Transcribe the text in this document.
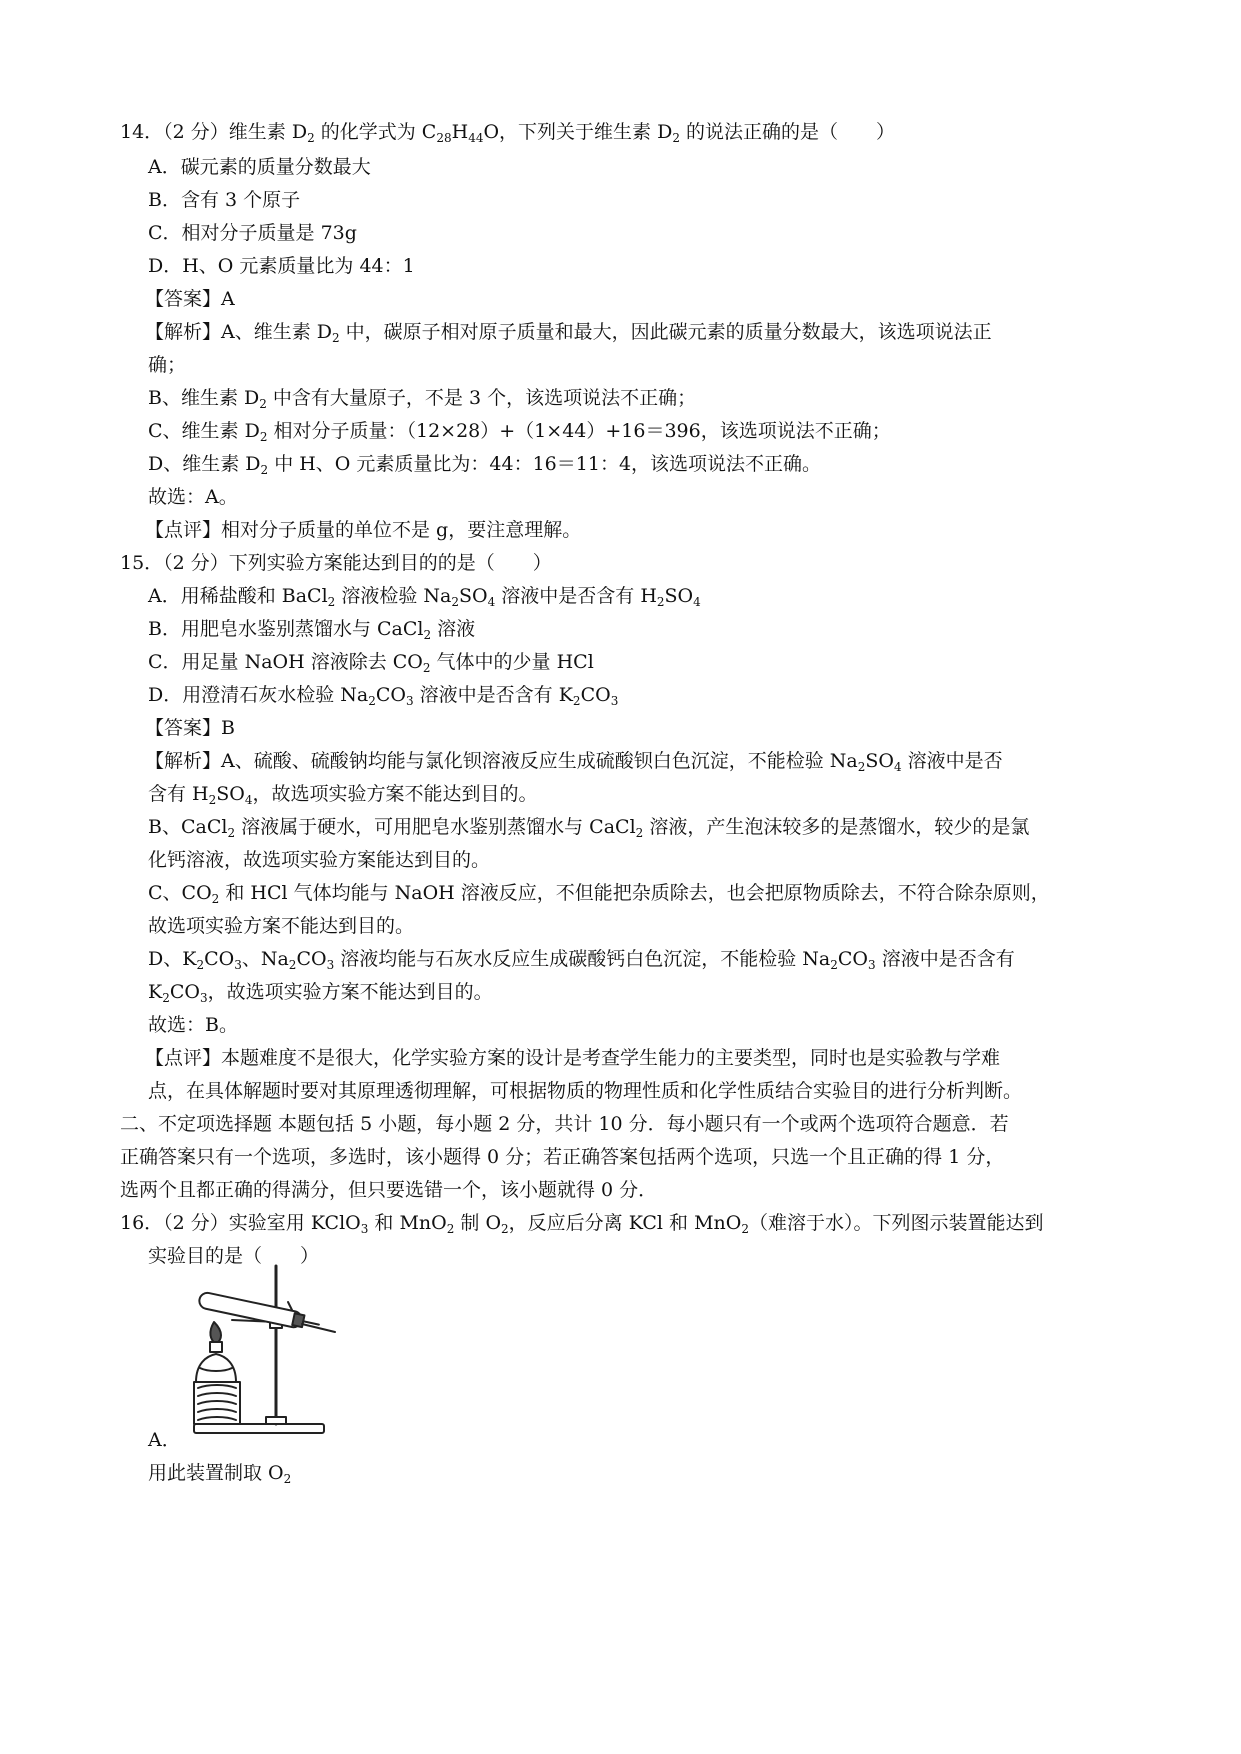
14．（2 分）维生素 $D_2$ 的化学式为 $C_{28}H_{44}O$，下列关于维生素 $D_2$ 的说法正确的是（　　）
A．碳元素的质量分数最大
B．含有 3 个原子
C．相对分子质量是 73g
D．H、O 元素质量比为 44：1
【答案】A
【解析】A、维生素 $D_2$ 中，碳原子相对原子质量和最大，因此碳元素的质量分数最大，该选项说法正
确；
B、维生素 $D_2$ 中含有大量原子，不是 3 个，该选项说法不正确；
C、维生素 $D_2$ 相对分子质量：（12×28）+（1×44）+16＝396，该选项说法不正确；
D、维生素 $D_2$ 中 H、O 元素质量比为：44：16＝11：4，该选项说法不正确。
故选：A。
【点评】相对分子质量的单位不是 g，要注意理解。
15．（2 分）下列实验方案能达到目的的是（　　）
A．用稀盐酸和 BaCl$_2$ 溶液检验 $Na_2SO_4$ 溶液中是否含有 $H_2SO_4$
B．用肥皂水鉴别蒸馏水与 CaCl$_2$ 溶液
C．用足量 NaOH 溶液除去 $CO_2$ 气体中的少量 HCl
D．用澄清石灰水检验 $Na_2CO_3$ 溶液中是否含有 $K_2CO_3$
【答案】B
【解析】A、硫酸、硫酸钠均能与氯化钡溶液反应生成硫酸钡白色沉淀，不能检验 $Na_2SO_4$ 溶液中是否
含有 $H_2SO_4$，故选项实验方案不能达到目的。
B、CaCl$_2$ 溶液属于硬水，可用肥皂水鉴别蒸馏水与 CaCl$_2$ 溶液，产生泡沫较多的是蒸馏水，较少的是氯
化钙溶液，故选项实验方案能达到目的。
C、$CO_2$ 和 HCl 气体均能与 NaOH 溶液反应，不但能把杂质除去，也会把原物质除去，不符合除杂原则，
故选项实验方案不能达到目的。
D、$K_2CO_3$、$Na_2CO_3$ 溶液均能与石灰水反应生成碳酸钙白色沉淀，不能检验 $Na_2CO_3$ 溶液中是否含有
$K_2CO_3$，故选项实验方案不能达到目的。
故选：B。
【点评】本题难度不是很大，化学实验方案的设计是考查学生能力的主要类型，同时也是实验教与学难
点，在具体解题时要对其原理透彻理解，可根据物质的物理性质和化学性质结合实验目的进行分析判断。
二、不定项选择题 本题包括 5 小题，每小题 2 分，共计 10 分．每小题只有一个或两个选项符合题意．若
正确答案只有一个选项，多选时，该小题得 0 分；若正确答案包括两个选项，只选一个且正确的得 1 分，
选两个且都正确的得满分，但只要选错一个，该小题就得 0 分．
16．（2 分）实验室用 KClO$_3$ 和 MnO$_2$ 制 $O_2$，反应后分离 KCl 和 MnO$_2$（难溶于水）。下列图示装置能达到
实验目的是（　　）
A．
用此装置制取 $O_2$
